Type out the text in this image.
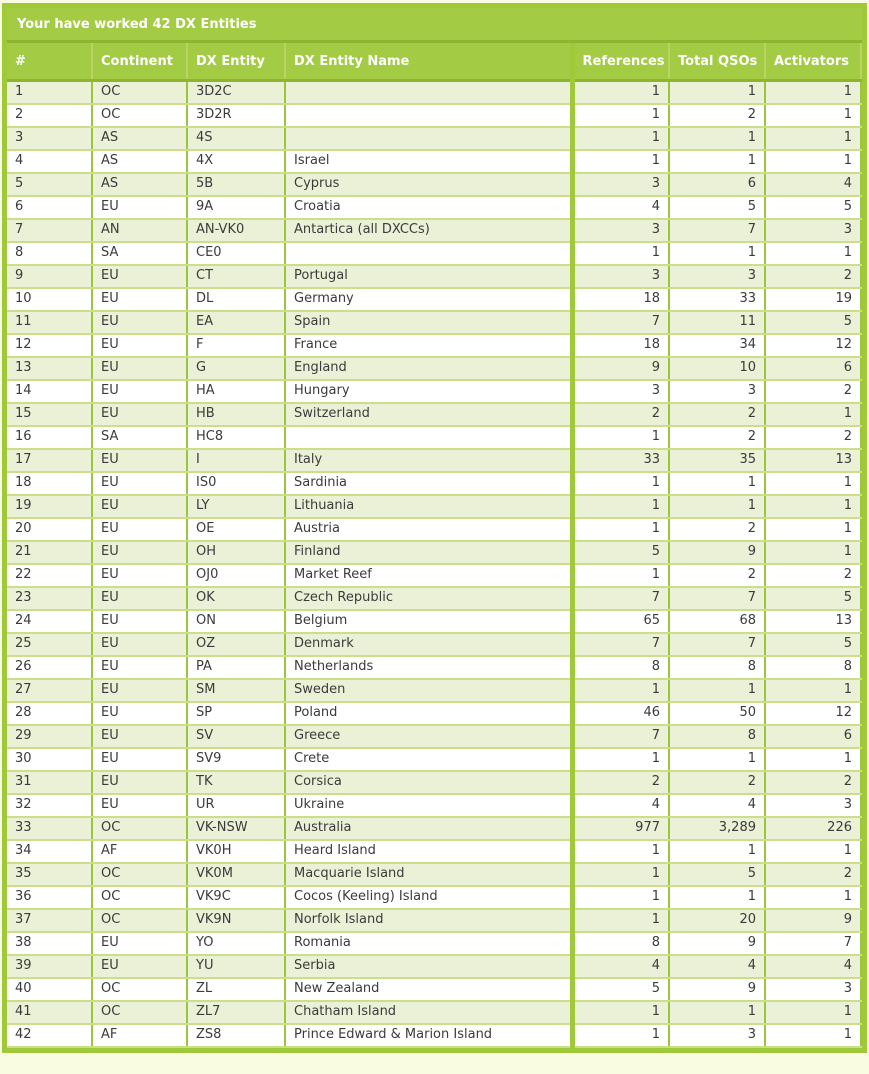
Your have worked 42 DX Entities
#	Continent	DX Entity	DX Entity Name	References	Total QSOs	Activators
1	OC	3D2C		1	1	1
2	OC	3D2R		1	2	1
3	AS	4S		1	1	1
4	AS	4X	Israel	1	1	1
5	AS	5B	Cyprus	3	6	4
6	EU	9A	Croatia	4	5	5
7	AN	AN-VK0	Antartica (all DXCCs)	3	7	3
8	SA	CE0		1	1	1
9	EU	CT	Portugal	3	3	2
10	EU	DL	Germany	18	33	19
11	EU	EA	Spain	7	11	5
12	EU	F	France	18	34	12
13	EU	G	England	9	10	6
14	EU	HA	Hungary	3	3	2
15	EU	HB	Switzerland	2	2	1
16	SA	HC8		1	2	2
17	EU	I	Italy	33	35	13
18	EU	IS0	Sardinia	1	1	1
19	EU	LY	Lithuania	1	1	1
20	EU	OE	Austria	1	2	1
21	EU	OH	Finland	5	9	1
22	EU	OJ0	Market Reef	1	2	2
23	EU	OK	Czech Republic	7	7	5
24	EU	ON	Belgium	65	68	13
25	EU	OZ	Denmark	7	7	5
26	EU	PA	Netherlands	8	8	8
27	EU	SM	Sweden	1	1	1
28	EU	SP	Poland	46	50	12
29	EU	SV	Greece	7	8	6
30	EU	SV9	Crete	1	1	1
31	EU	TK	Corsica	2	2	2
32	EU	UR	Ukraine	4	4	3
33	OC	VK-NSW	Australia	977	3,289	226
34	AF	VK0H	Heard Island	1	1	1
35	OC	VK0M	Macquarie Island	1	5	2
36	OC	VK9C	Cocos (Keeling) Island	1	1	1
37	OC	VK9N	Norfolk Island	1	20	9
38	EU	YO	Romania	8	9	7
39	EU	YU	Serbia	4	4	4
40	OC	ZL	New Zealand	5	9	3
41	OC	ZL7	Chatham Island	1	1	1
42	AF	ZS8	Prince Edward & Marion Island	1	3	1
